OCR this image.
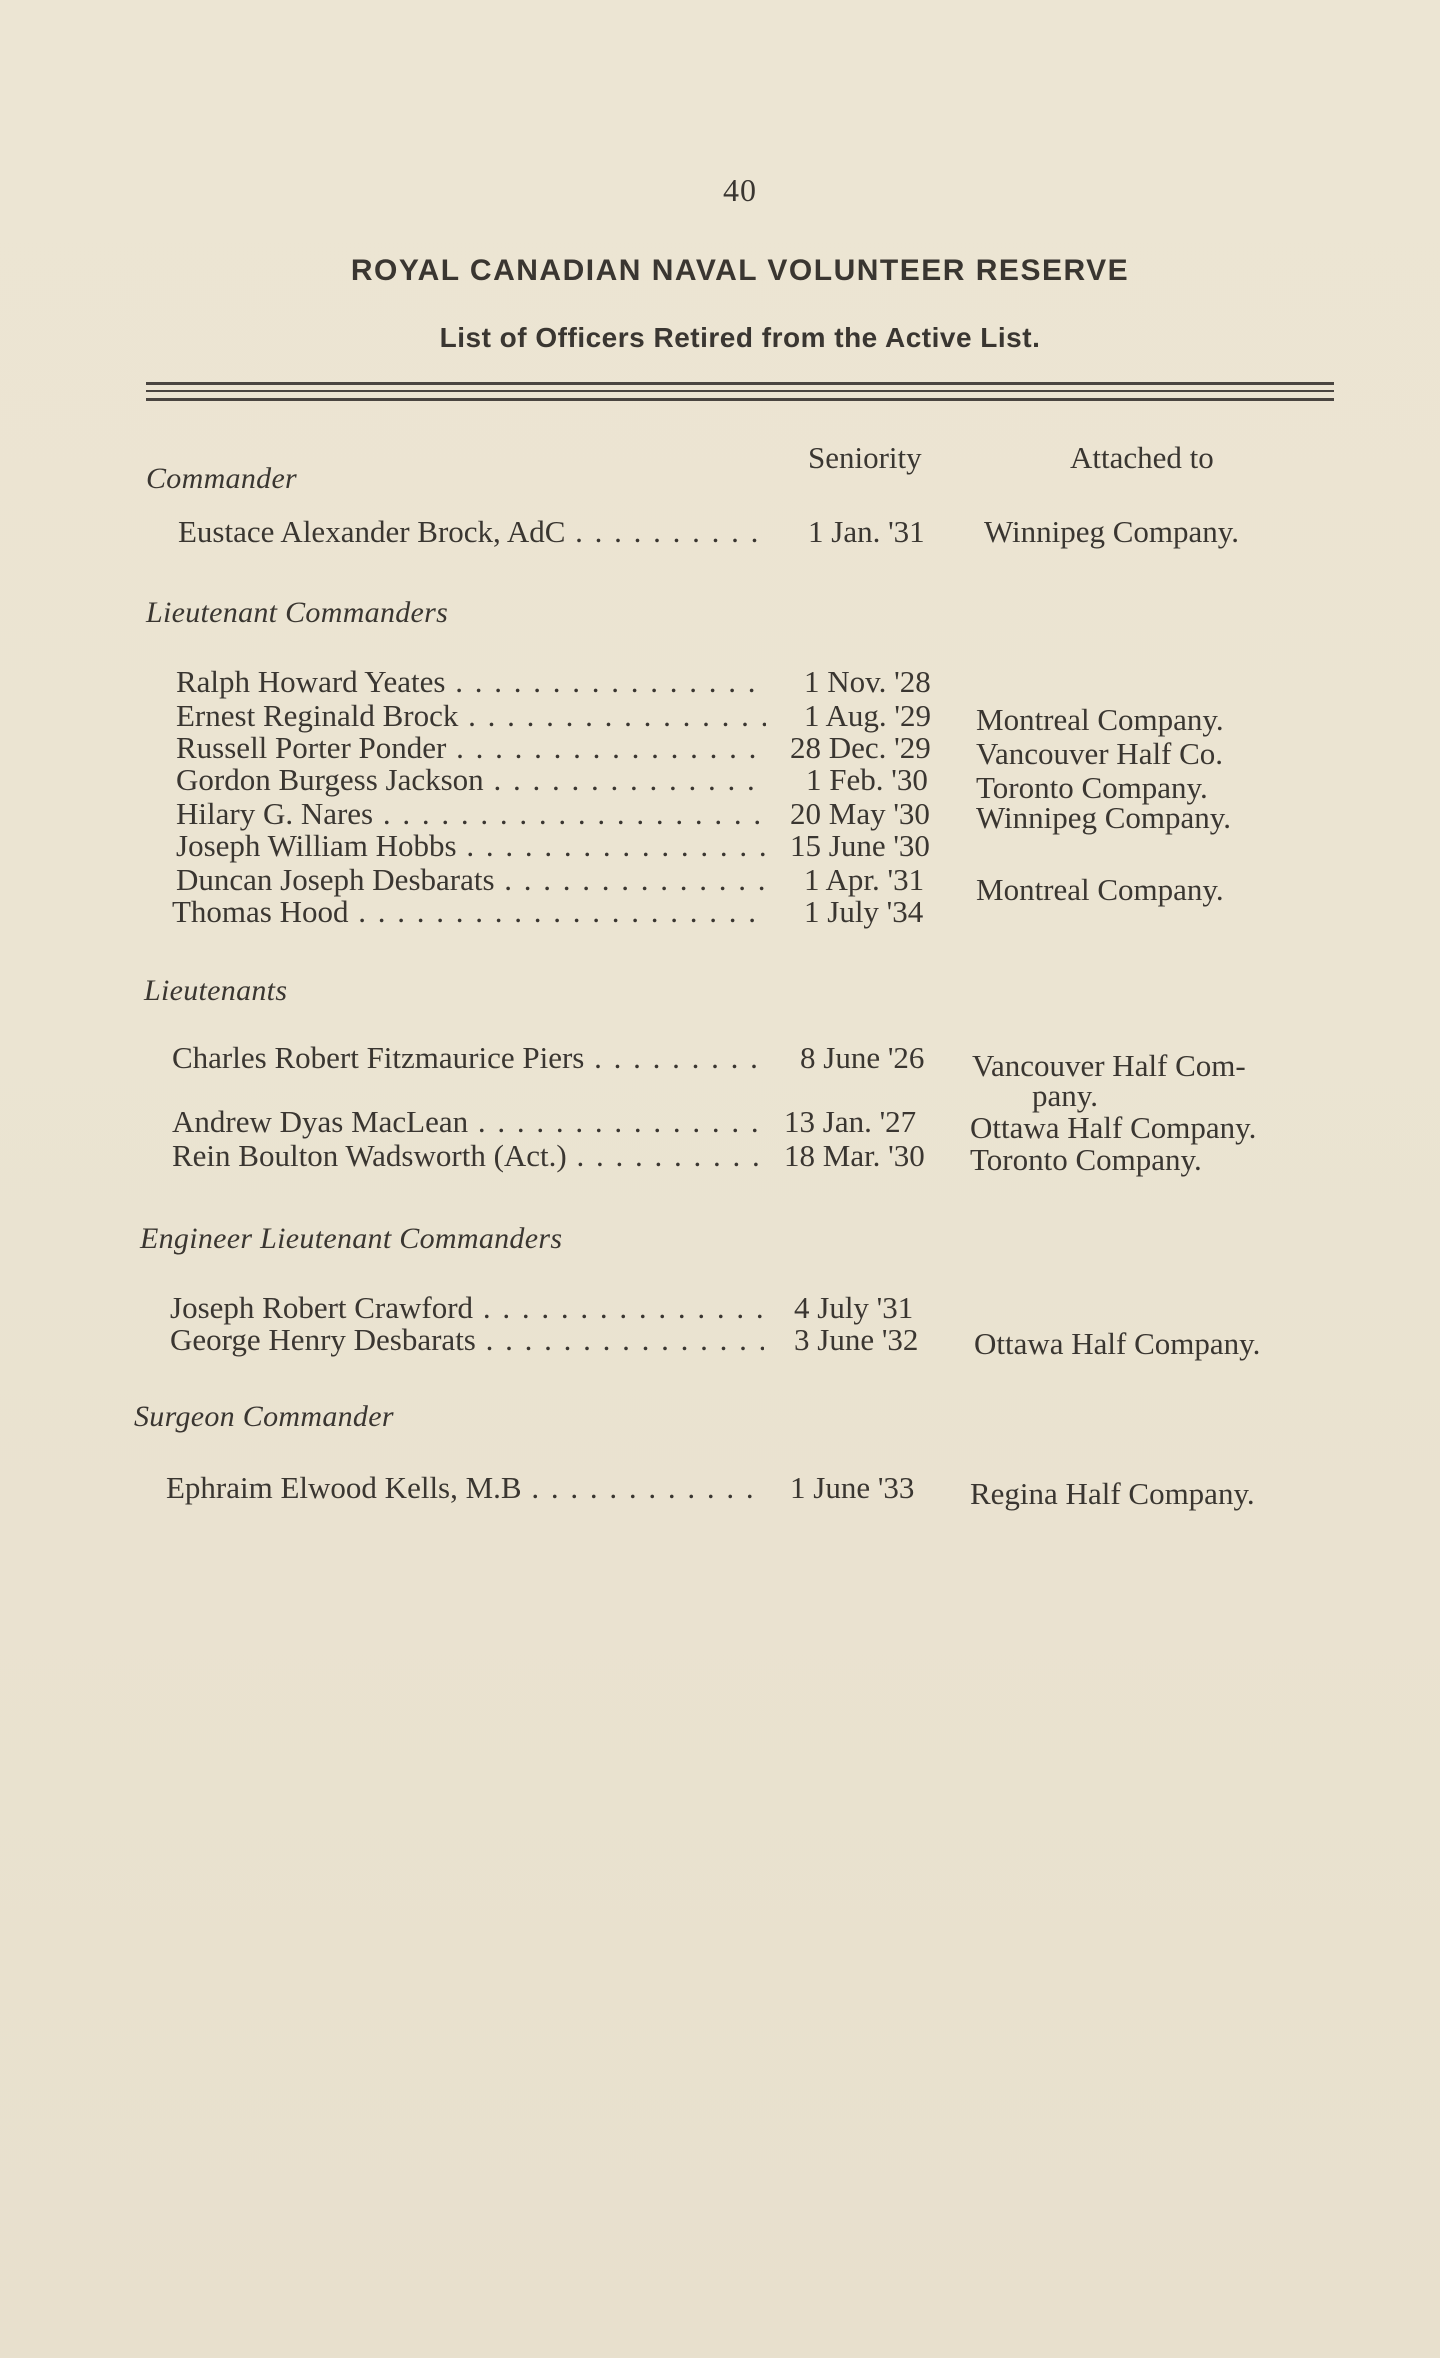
40
ROYAL CANADIAN NAVAL VOLUNTEER RESERVE
List of Officers Retired from the Active List.
Seniority	Attached to
Commander
Eustace Alexander Brock, AdC . . .	1 Jan. '31	Winnipeg Company.
Lieutenant Commanders
Ralph Howard Yeates . . .	1 Nov. '28
Ernest Reginald Brock . . .	1 Aug. '29	Montreal Company.
Russell Porter Ponder . . .	28 Dec. '29	Vancouver Half Co.
Gordon Burgess Jackson . . .	1 Feb. '30	Toronto Company.
Hilary G. Nares . . .	20 May '30	Winnipeg Company.
Joseph William Hobbs . . .	15 June '30
Duncan Joseph Desbarats . . .	1 Apr. '31	Montreal Company.
Thomas Hood . . .	1 July '34
Lieutenants
Charles Robert Fitzmaurice Piers . . .	8 June '26	Vancouver Half Com-
pany.
Andrew Dyas MacLean . . .	13 Jan. '27	Ottawa Half Company.
Rein Boulton Wadsworth (Act.) . . .	18 Mar. '30	Toronto Company.
Engineer Lieutenant Commanders
Joseph Robert Crawford . . .	4 July '31
George Henry Desbarats . . .	3 June '32	Ottawa Half Company.
Surgeon Commander
Ephraim Elwood Kells, M.B . . .	1 June '33	Regina Half Company.
